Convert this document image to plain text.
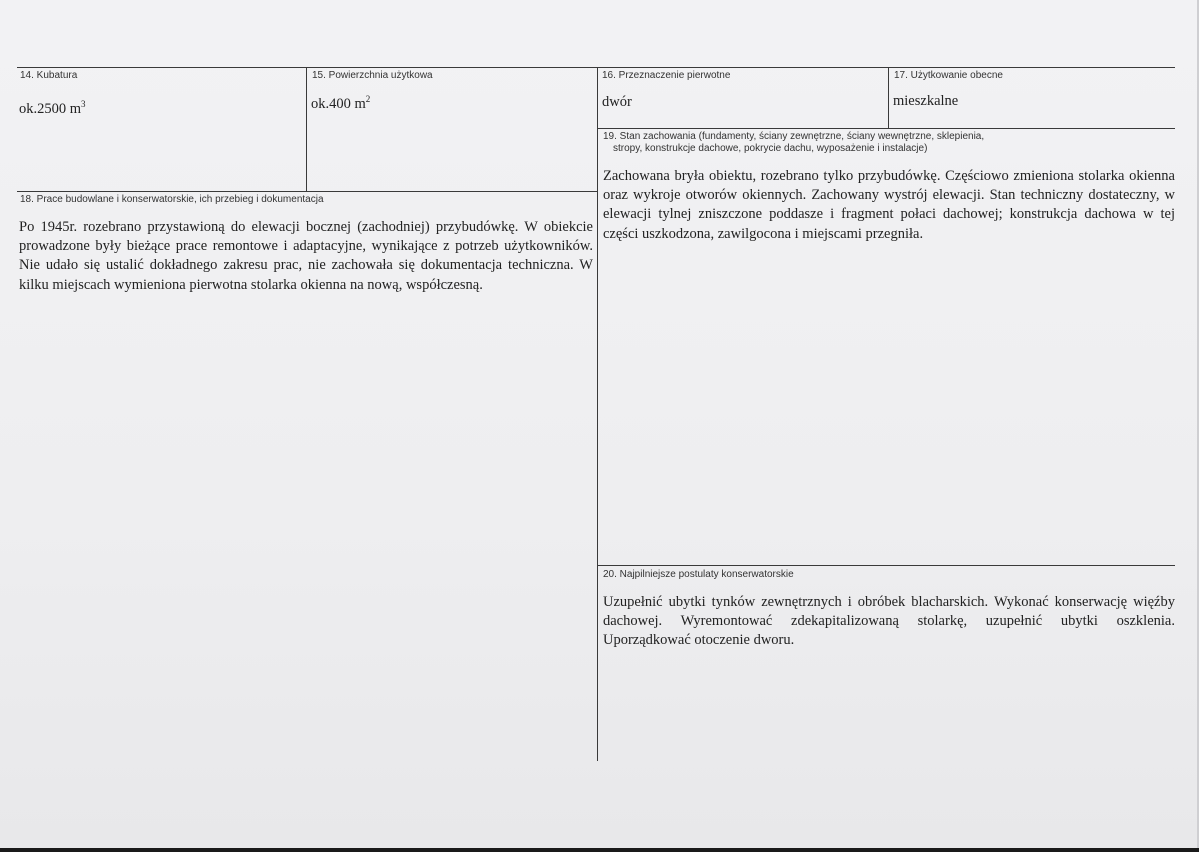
14. Kubatura
ok.2500 $m^3$
15. Powierzchnia użytkowa
ok.400 $m^2$
16. Przeznaczenie pierwotne
dwór
17. Użytkowanie obecne
mieszkalne
19. Stan zachowania (fundamenty, ściany zewnętrzne, ściany wewnętrzne, sklepienia,
stropy, konstrukcje dachowe, pokrycie dachu, wyposażenie i instalacje)

Zachowana bryła obiektu, rozebrano tylko przybudówkę. Częściowo zmieniona stolarka okienna oraz wykroje otworów okiennych. Zachowany wystrój elewacji. Stan techniczny dostateczny, w elewacji tylnej zniszczone poddasze i fragment połaci dachowej; konstrukcja dachowa w tej części uszkodzona, zawilgocona i miejscami przegniła.

18. Prace budowlane i konserwatorskie, ich przebieg i dokumentacja

Po 1945r. rozebrano przystawioną do elewacji bocznej (zachodniej) przybudówkę. W obiekcie prowadzone były bieżące prace remontowe i adaptacyjne, wynikające z potrzeb użytkowników. Nie udało się ustalić dokładnego zakresu prac, nie zachowała się dokumentacja techniczna. W kilku miejscach wymieniona pierwotna stolarka okienna na nową, współczesną.

20. Najpilniejsze postulaty konserwatorskie

Uzupełnić ubytki tynków zewnętrznych i obróbek blacharskich. Wykonać konserwację więźby dachowej. Wyremontować zdekapitalizowaną stolarkę, uzupełnić ubytki oszklenia. Uporządkować otoczenie dworu.
